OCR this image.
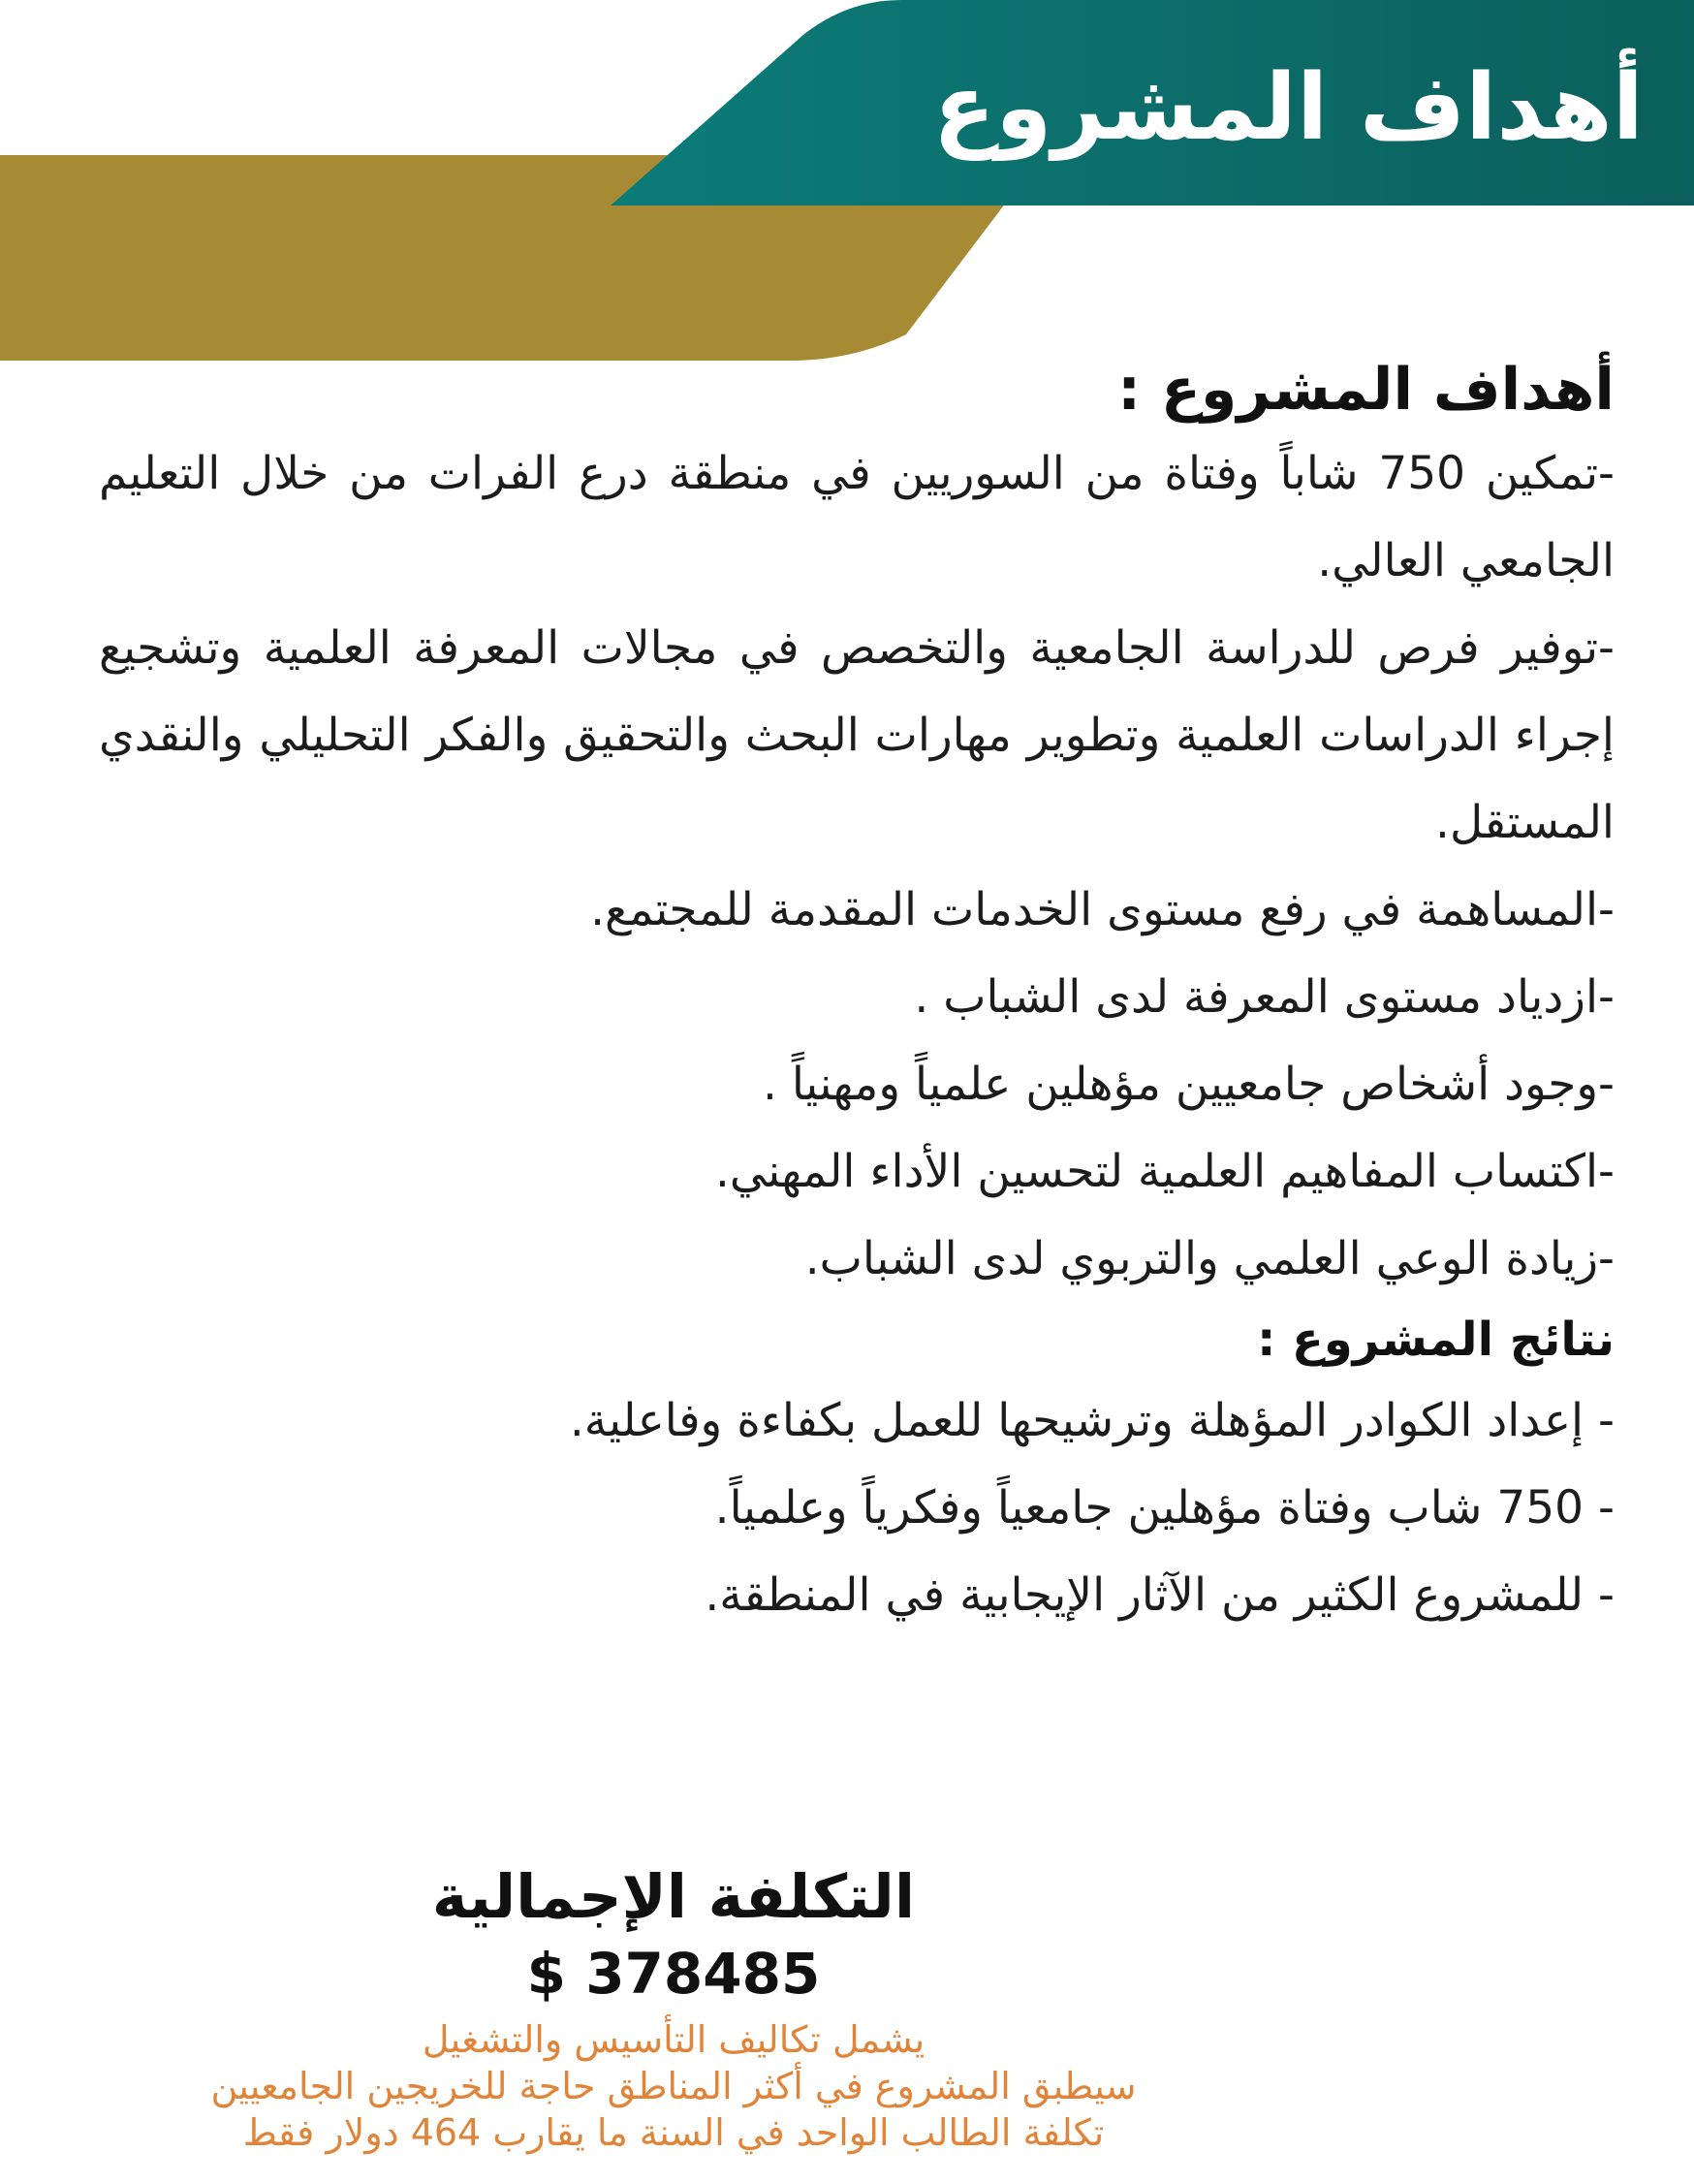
أهداف المشروع
أهداف المشروع :

-تمكين 750 شاباً وفتاة من السوريين في منطقة درع الفرات من خلال التعليم الجامعي العالي.

-توفير فرص للدراسة الجامعية والتخصص في مجالات المعرفة العلمية وتشجيع إجراء الدراسات العلمية وتطوير مهارات البحث والتحقيق والفكر التحليلي والنقدي المستقل.

-المساهمة في رفع مستوى الخدمات المقدمة للمجتمع.

-ازدياد مستوى المعرفة لدى الشباب .

-وجود أشخاص جامعيين مؤهلين علمياً ومهنياً .

-اكتساب المفاهيم العلمية لتحسين الأداء المهني.

-زيادة الوعي العلمي والتربوي لدى الشباب.

نتائج المشروع :

- إعداد الكوادر المؤهلة وترشيحها للعمل بكفاءة وفاعلية.

- 750 شاب وفتاة مؤهلين جامعياً وفكرياً وعلمياً.

- للمشروع الكثير من الآثار الإيجابية في المنطقة.

التكلفة الإجمالية

$ 378485

يشمل تكاليف التأسيس والتشغيل

سيطبق المشروع في أكثر المناطق حاجة للخريجين الجامعيين

تكلفة الطالب الواحد في السنة ما يقارب 464 دولار فقط
